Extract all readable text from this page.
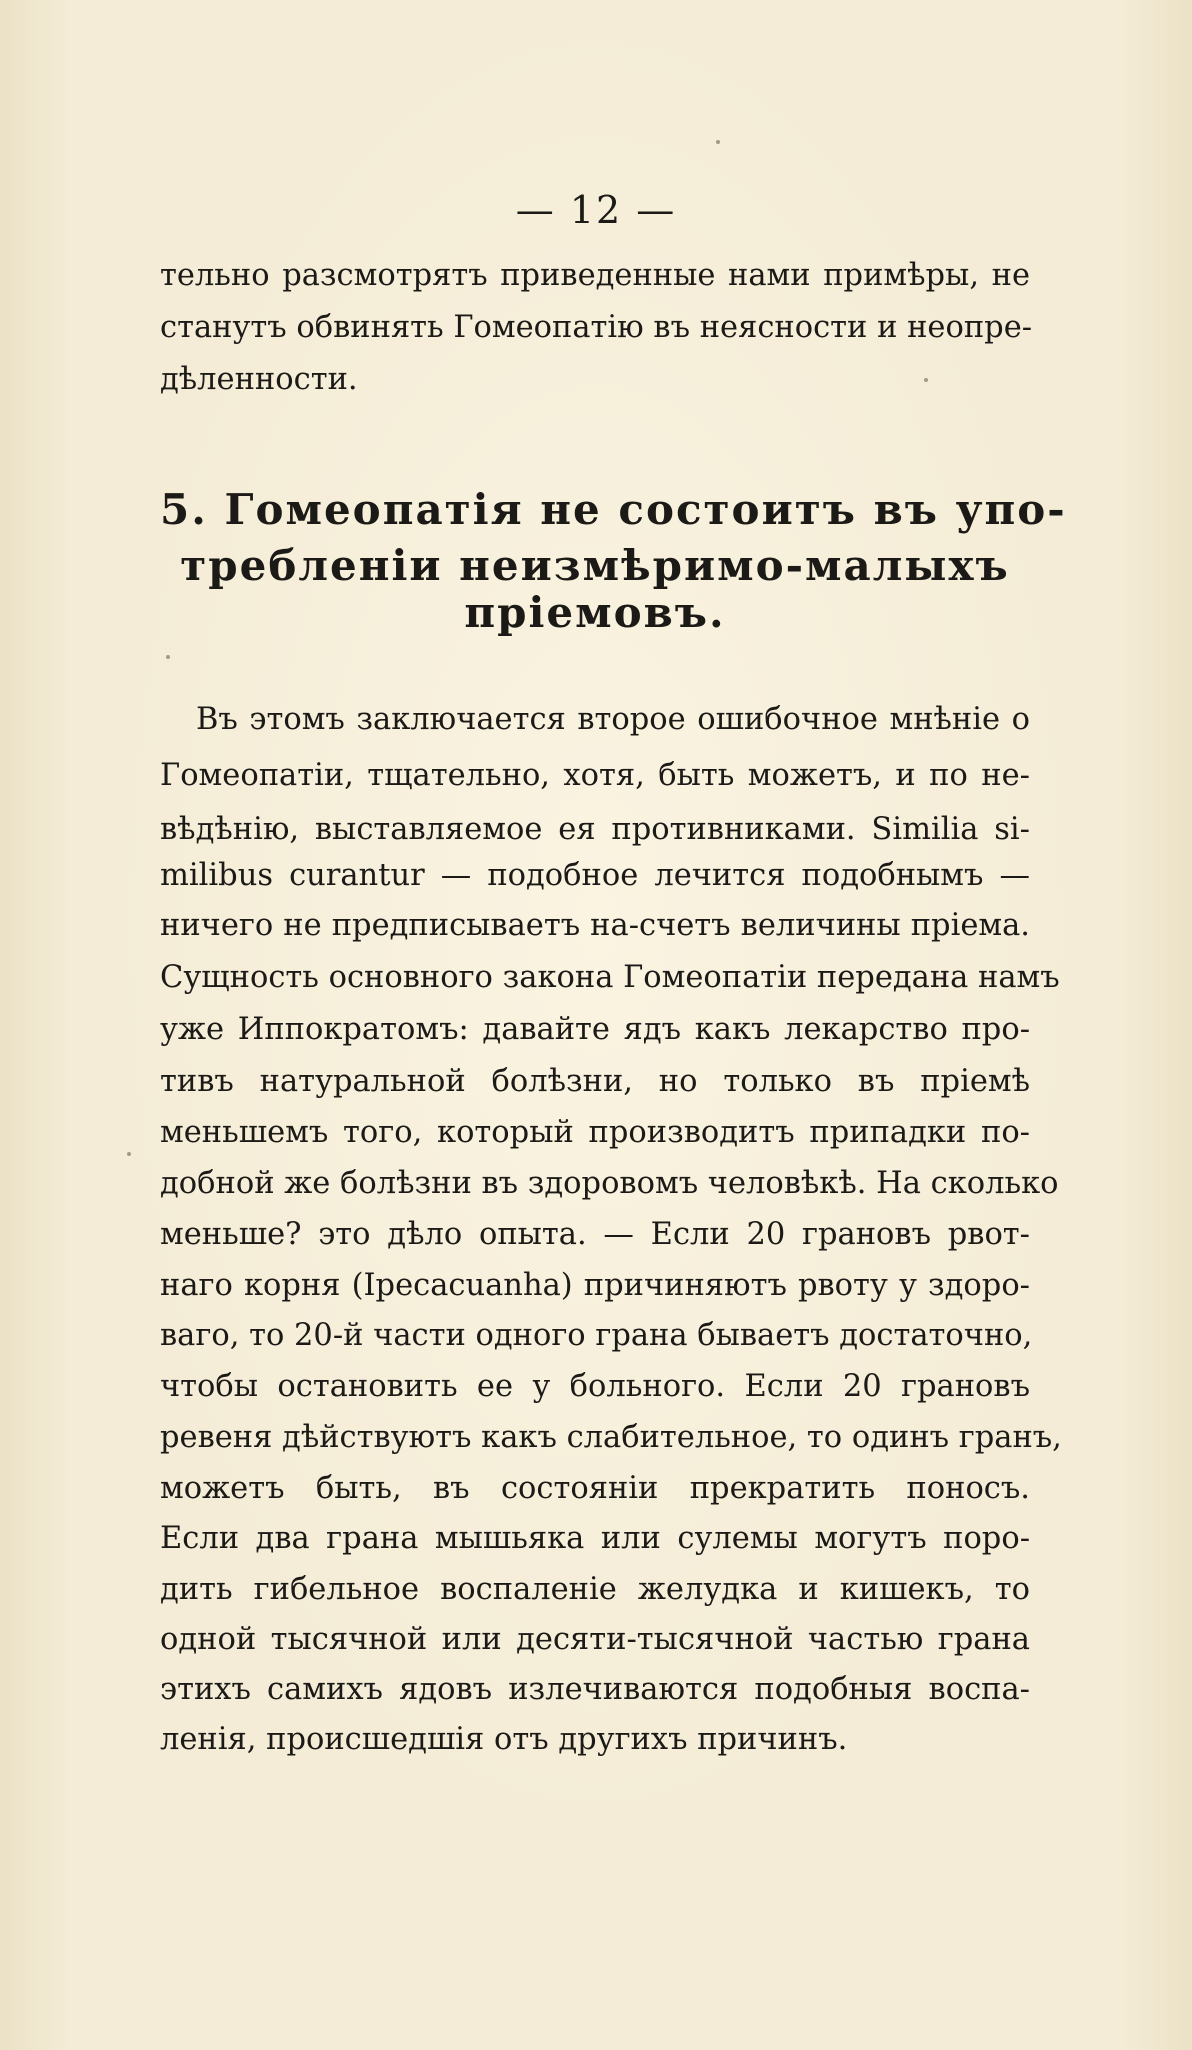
— 12 —
тельно разсмотрятъ приведенные нами примѣры, не
станутъ обвинять Гомеопатію въ неясности и неопре-
дѣленности.
5. Гомеопатія не состоитъ въ упо-
требленіи неизмѣримо-малыхъ
пріемовъ.
Въ этомъ заключается второе ошибочное мнѣніе о
Гомеопатіи, тщательно, хотя, быть можетъ, и по не-
вѣдѣнію, выставляемое ея противниками. Similia si-
milibus curantur — подобное лечится подобнымъ —
ничего не предписываетъ на-счетъ величины пріема.
Сущность основного закона Гомеопатіи передана намъ
уже Иппократомъ: давайте ядъ какъ лекарство про-
тивъ натуральной болѣзни, но только въ пріемѣ
меньшемъ того, который производитъ припадки по-
добной же болѣзни въ здоровомъ человѣкѣ. На сколько
меньше? это дѣло опыта. — Если 20 грановъ рвот-
наго корня (Ipecacuanha) причиняютъ рвоту у здоро-
ваго, то 20-й части одного грана бываетъ достаточно,
чтобы остановить ее у больного. Если 20 грановъ
ревеня дѣйствуютъ какъ слабительное, то одинъ гранъ,
можетъ быть, въ состояніи прекратить поносъ.
Если два грана мышьяка или сулемы могутъ поро-
дить гибельное воспаленіе желудка и кишекъ, то
одной тысячной или десяти-тысячной частью грана
этихъ самихъ ядовъ излечиваются подобныя воспа-
ленія, происшедшія отъ другихъ причинъ.
